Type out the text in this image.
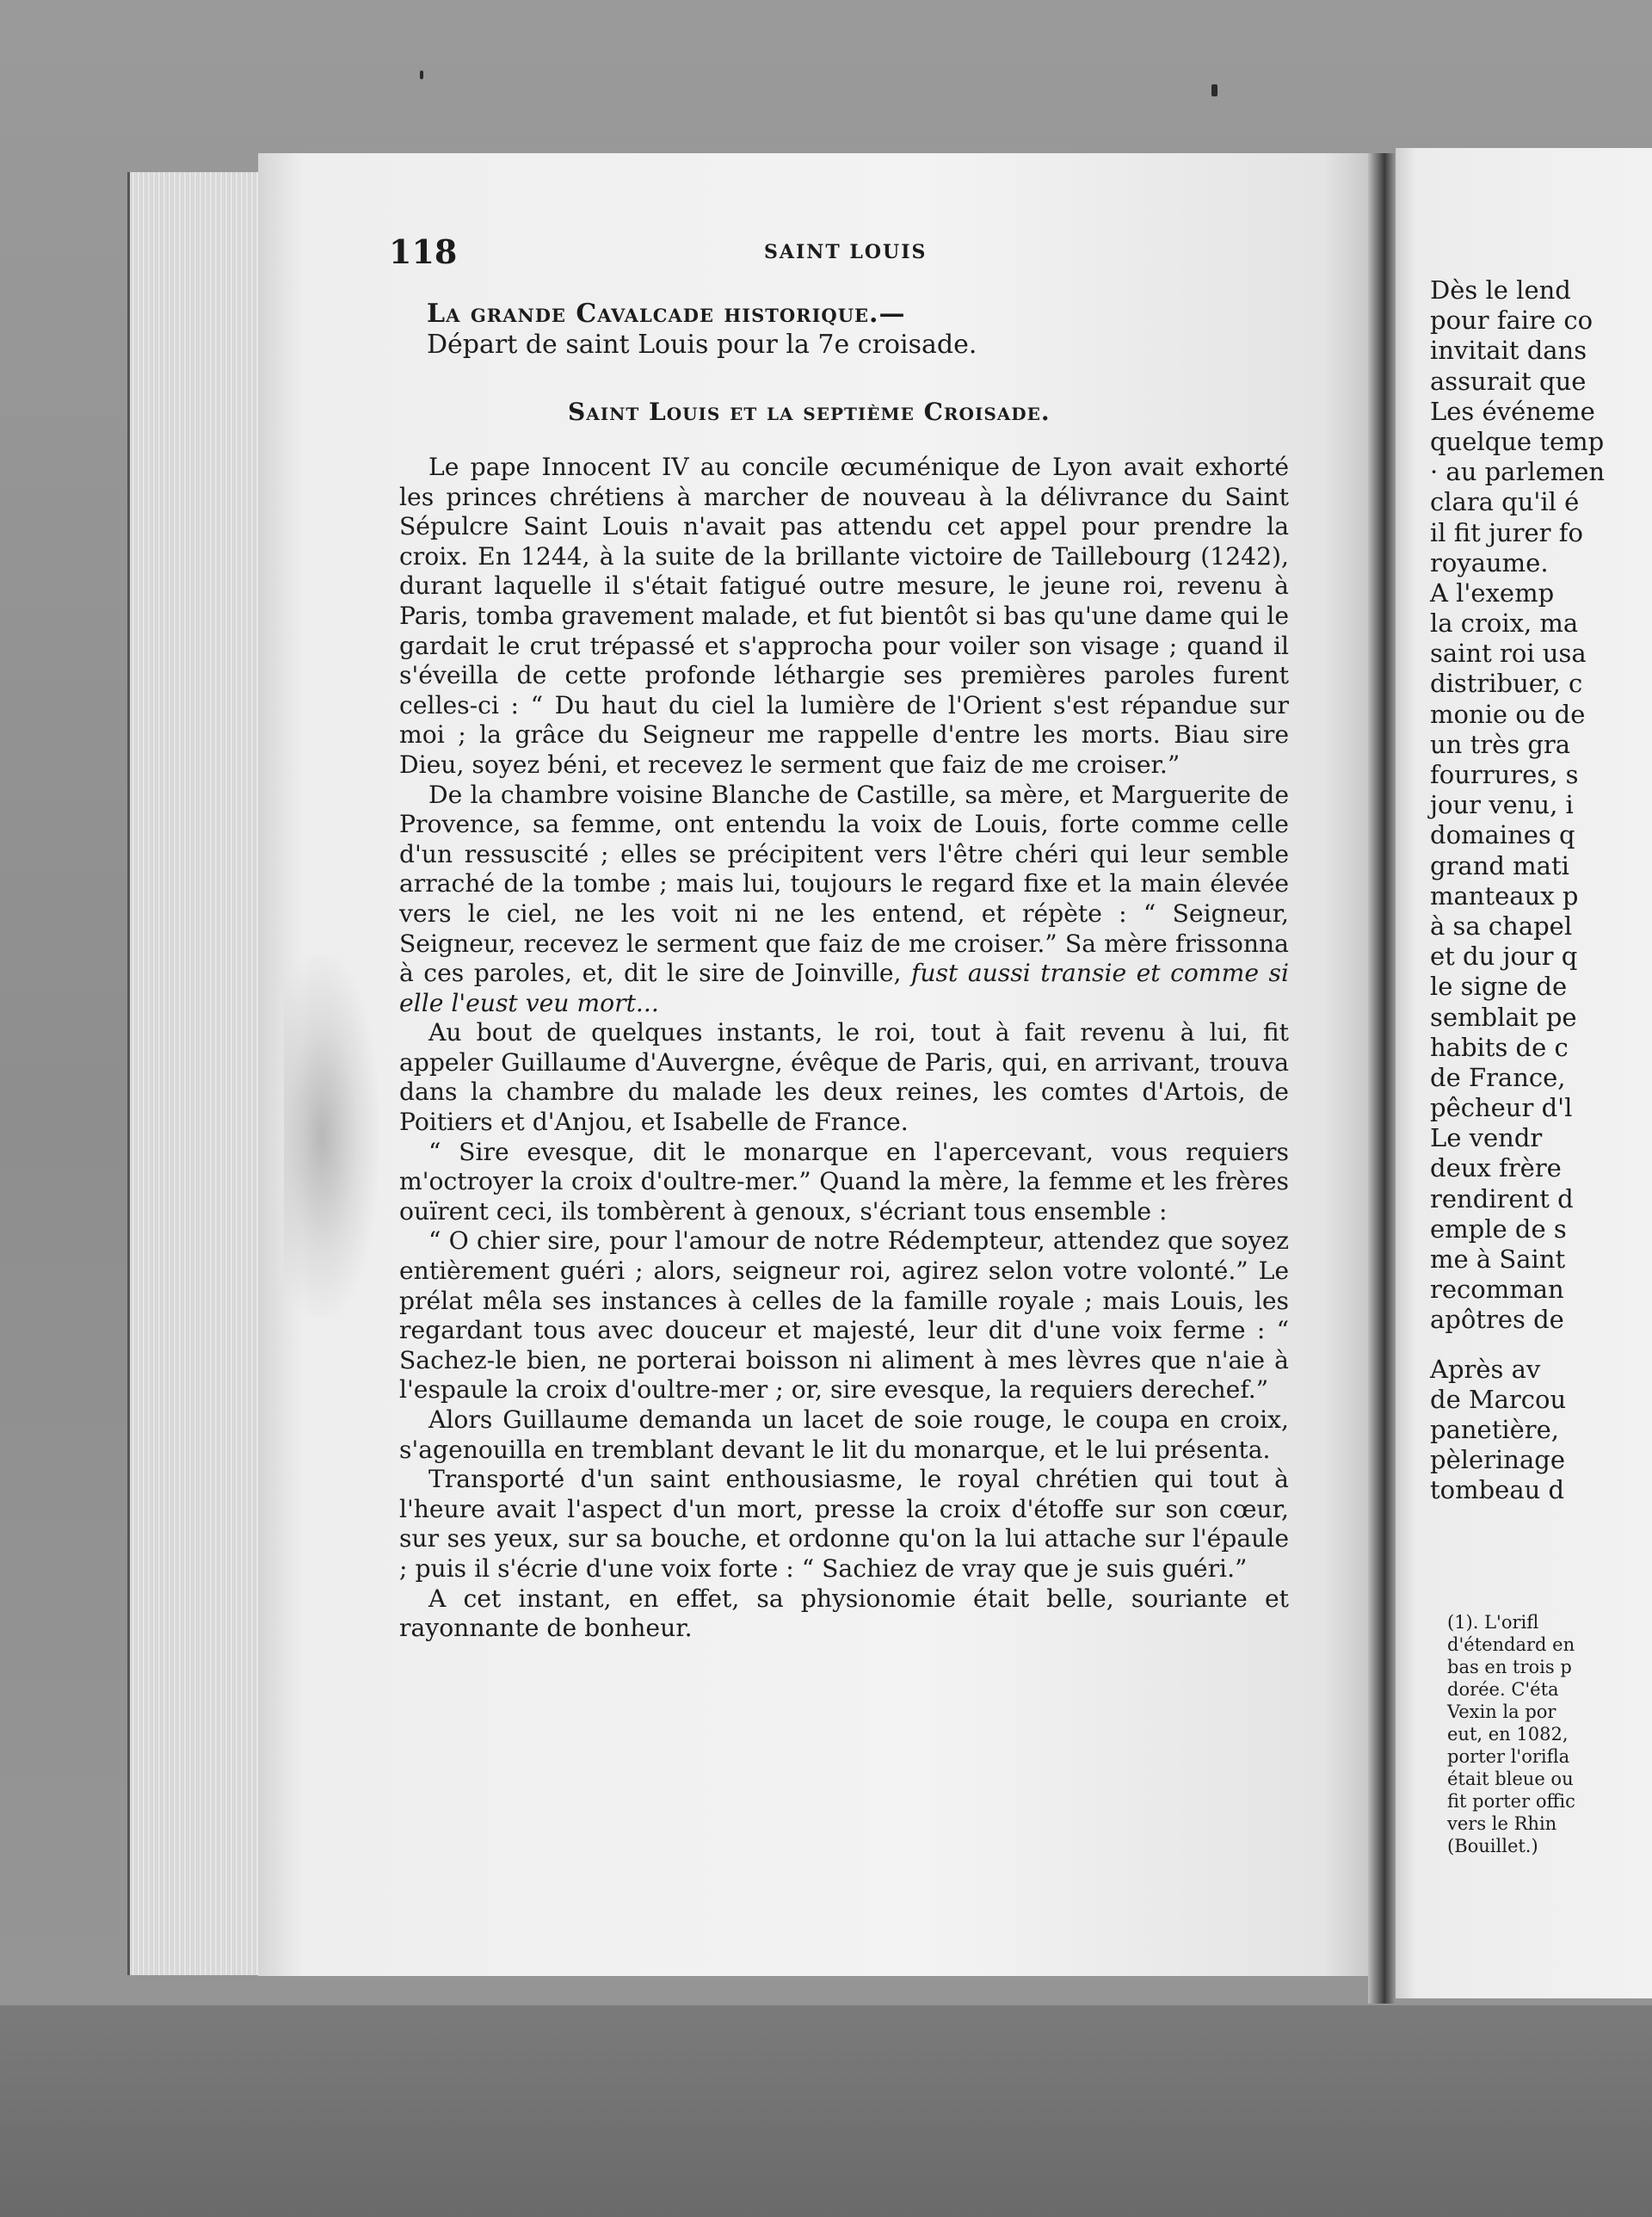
118	SAINT LOUIS
La grande Cavalcade historique.—
Départ de saint Louis pour la 7e croisade.
Saint Louis et la septième Croisade.

Le pape Innocent IV au concile œcuménique de Lyon avait exhorté les princes chrétiens à marcher de nouveau à la délivrance du Saint Sépulcre Saint Louis n'avait pas attendu cet appel pour prendre la croix. En 1244, à la suite de la brillante victoire de Taillebourg (1242), durant laquelle il s'était fatigué outre mesure, le jeune roi, revenu à Paris, tomba gravement malade, et fut bientôt si bas qu'une dame qui le gardait le crut trépassé et s'approcha pour voiler son visage ; quand il s'éveilla de cette profonde léthargie ses premières paroles furent celles-ci : “ Du haut du ciel la lumière de l'Orient s'est répandue sur moi ; la grâce du Seigneur me rappelle d'entre les morts. Biau sire Dieu, soyez béni, et recevez le serment que faiz de me croiser.”

De la chambre voisine Blanche de Castille, sa mère, et Marguerite de Provence, sa femme, ont entendu la voix de Louis, forte comme celle d'un ressuscité ; elles se précipitent vers l'être chéri qui leur semble arraché de la tombe ; mais lui, toujours le regard fixe et la main élevée vers le ciel, ne les voit ni ne les entend, et répète : “ Seigneur, Seigneur, recevez le serment que faiz de me croiser.” Sa mère frissonna à ces paroles, et, dit le sire de Joinville, fust aussi transie et comme si elle l'eust veu mort...

Au bout de quelques instants, le roi, tout à fait revenu à lui, fit appeler Guillaume d'Auvergne, évêque de Paris, qui, en arrivant, trouva dans la chambre du malade les deux reines, les comtes d'Artois, de Poitiers et d'Anjou, et Isabelle de France.

“ Sire evesque, dit le monarque en l'apercevant, vous requiers m'octroyer la croix d'oultre-mer.” Quand la mère, la femme et les frères ouïrent ceci, ils tombèrent à genoux, s'écriant tous ensemble :

“ O chier sire, pour l'amour de notre Rédempteur, attendez que soyez entièrement guéri ; alors, seigneur roi, agirez selon votre volonté.” Le prélat mêla ses instances à celles de la famille royale ; mais Louis, les regardant tous avec douceur et majesté, leur dit d'une voix ferme : “ Sachez-le bien, ne porterai boisson ni aliment à mes lèvres que n'aie à l'espaule la croix d'oultre-mer ; or, sire evesque, la requiers derechef.”

Alors Guillaume demanda un lacet de soie rouge, le coupa en croix, s'agenouilla en tremblant devant le lit du monarque, et le lui présenta.

Transporté d'un saint enthousiasme, le royal chrétien qui tout à l'heure avait l'aspect d'un mort, presse la croix d'étoffe sur son cœur, sur ses yeux, sur sa bouche, et ordonne qu'on la lui attache sur l'épaule ; puis il s'écrie d'une voix forte : “ Sachiez de vray que je suis guéri.”

A cet instant, en effet, sa physionomie était belle, souriante et rayonnante de bonheur.

Dès le lend
pour faire co
invitait dans
assurait que
Les événeme
quelque temp
· au parlemen
clara qu'il é
il fit jurer fo
royaume.
A l'exemp
la croix, ma
saint roi usa
distribuer, c
monie ou de
un très gra
fourrures, s
jour venu, i
domaines q
grand mati
manteaux p
à sa chapel
et du jour q
le signe de
semblait pe
habits de c
de France,
pêcheur d'l
Le vendr
deux frère
rendirent d
emple de s
me à Saint
recomman
apôtres de
Après av
de Marcou
panetière,
pèlerinage
tombeau d
(1). L'orifl
d'étendard en
bas en trois p
dorée. C'éta
Vexin la por
eut, en 1082,
porter l'orifla
était bleue ou
fit porter offic
vers le Rhin
(Bouillet.)
